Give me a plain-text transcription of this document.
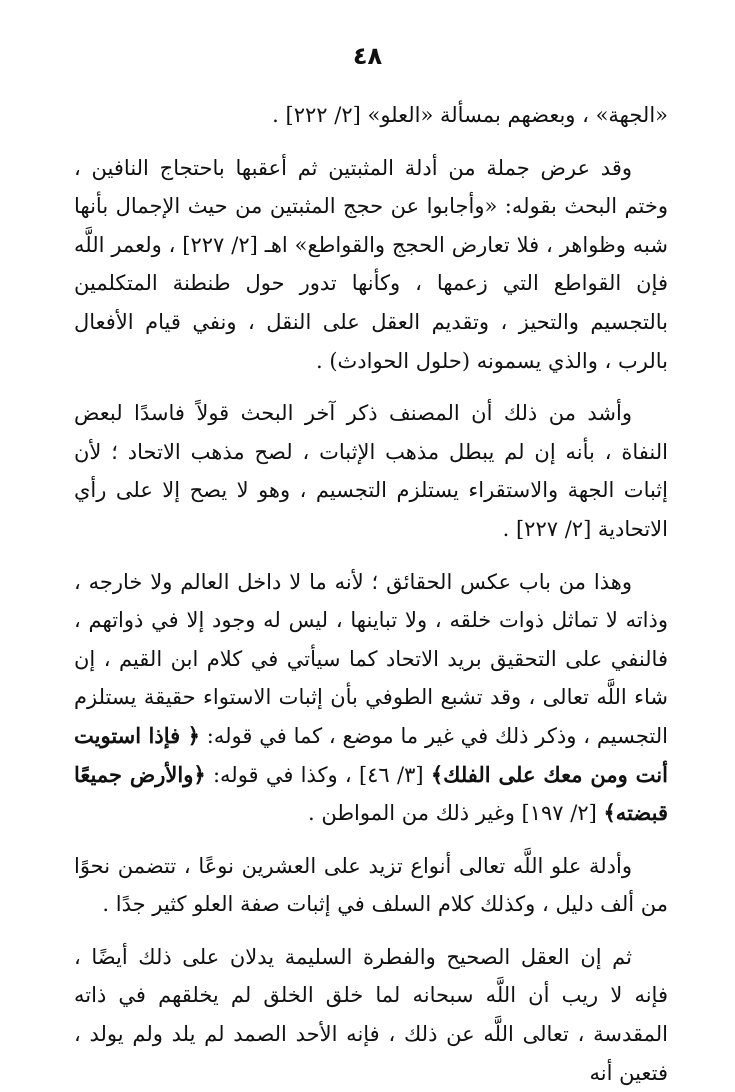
٤٨

«الجهة» ، وبعضهم بمسألة «العلو» [٢/ ٢٢٢] .

وقد عرض جملة من أدلة المثبتين ثم أعقبها باحتجاج النافين ، وختم البحث بقوله: «وأجابوا عن حجج المثبتين من حيث الإجمال بأنها شبه وظواهر ، فلا تعارض الحجج والقواطع» اهـ [٢/ ٢٢٧] ، ولعمر اللَّه فإن القواطع التي زعمها ، وكأنها تدور حول طنطنة المتكلمين بالتجسيم والتحيز ، وتقديم العقل على النقل ، ونفي قيام الأفعال بالرب ، والذي يسمونه (حلول الحوادث) .

وأشد من ذلك أن المصنف ذكر آخر البحث قولاً فاسدًا لبعض النفاة ، بأنه إن لم يبطل مذهب الإثبات ، لصح مذهب الاتحاد ؛ لأن إثبات الجهة والاستقراء يستلزم التجسيم ، وهو لا يصح إلا على رأي الاتحادية [٢/ ٢٢٧] .

وهذا من باب عكس الحقائق ؛ لأنه ما لا داخل العالم ولا خارجه ، وذاته لا تماثل ذوات خلقه ، ولا تباينها ، ليس له وجود إلا في ذواتهم ، فالنفي على التحقيق بريد الاتحاد كما سيأتي في كلام ابن القيم ، إن شاء اللَّه تعالى ، وقد تشبع الطوفي بأن إثبات الاستواء حقيقة يستلزم التجسيم ، وذكر ذلك في غير ما موضع ، كما في قوله: ﴿ فإذا استويت أنت ومن معك على الفلك﴾ [٣/ ٤٦] ، وكذا في قوله: ﴿والأرض جميعًا قبضته﴾ [٢/ ١٩٧] وغير ذلك من المواطن .

وأدلة علو اللَّه تعالى أنواع تزيد على العشرين نوعًا ، تتضمن نحوًا من ألف دليل ، وكذلك كلام السلف في إثبات صفة العلو كثير جدًا .

ثم إن العقل الصحيح والفطرة السليمة يدلان على ذلك أيضًا ، فإنه لا ريب أن اللَّه سبحانه لما خلق الخلق لم يخلقهم في ذاته المقدسة ، تعالى اللَّه عن ذلك ، فإنه الأحد الصمد لم يلد ولم يولد ، فتعين أنه
